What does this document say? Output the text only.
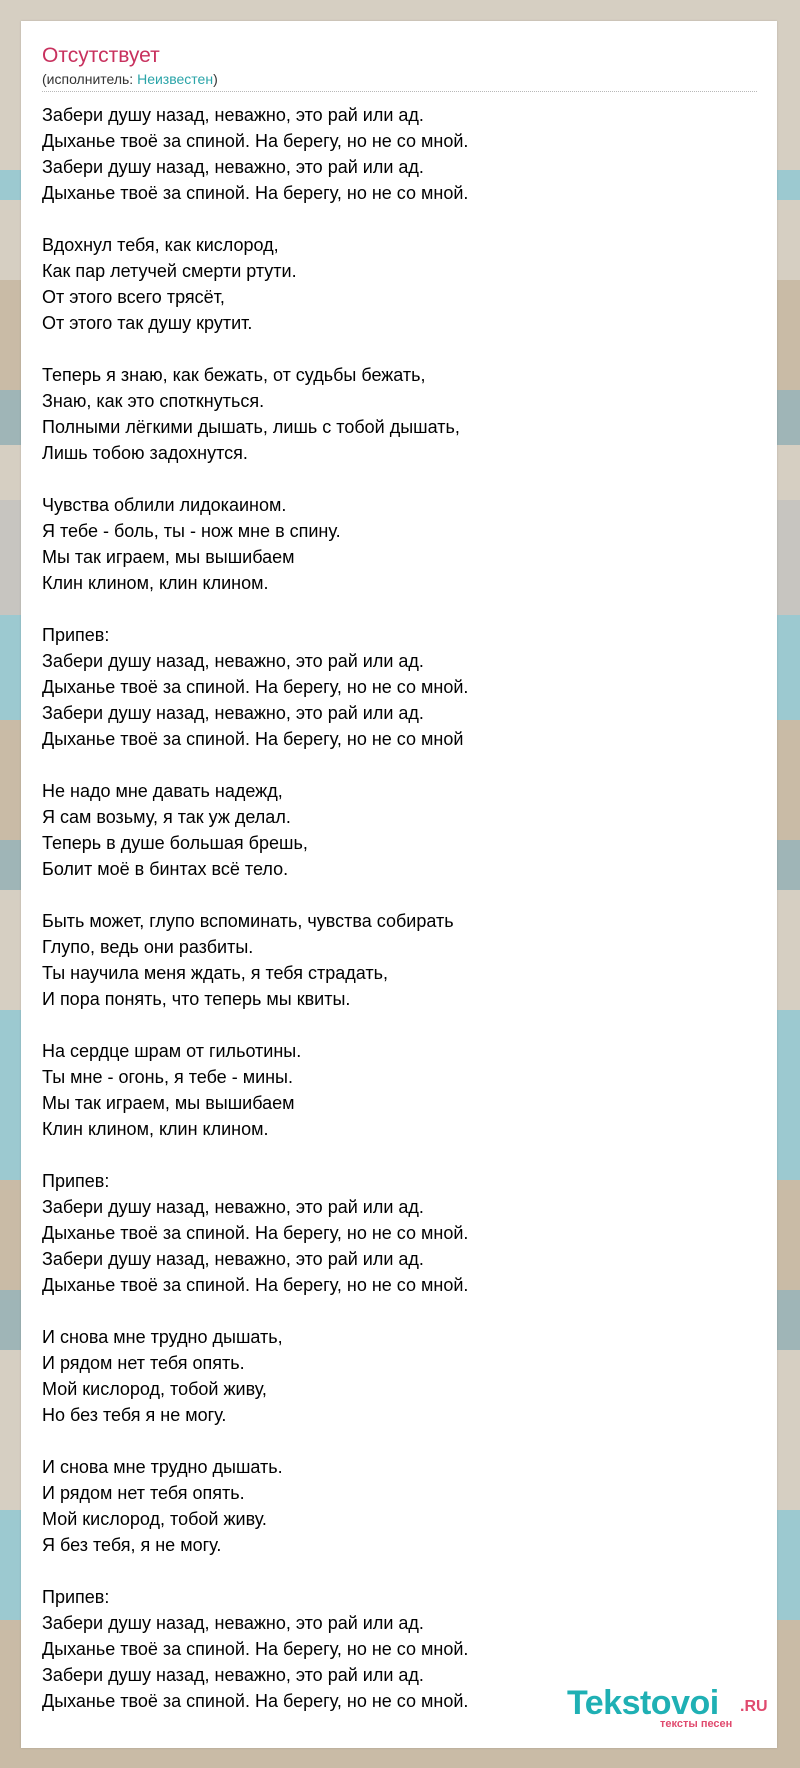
Отсутствует
(исполнитель: Неизвестен)
Забери душу назад, неважно, это рай или ад.
Дыханье твоё за спиной. На берегу, но не со мной.
Забери душу назад, неважно, это рай или ад.
Дыханье твоё за спиной. На берегу, но не со мной.
Вдохнул тебя, как кислород,
Как пар летучей смерти ртути.
От этого всего трясёт,
От этого так душу крутит.
Теперь я знаю, как бежать, от судьбы бежать,
Знаю, как это споткнуться.
Полными лёгкими дышать, лишь с тобой дышать,
Лишь тобою задохнутся.
Чувства облили лидокаином.
Я тебе - боль, ты - нож мне в спину.
Мы так играем, мы вышибаем
Клин клином, клин клином.
Припев:
Забери душу назад, неважно, это рай или ад.
Дыханье твоё за спиной. На берегу, но не со мной.
Забери душу назад, неважно, это рай или ад.
Дыханье твоё за спиной. На берегу, но не со мной
Не надо мне давать надежд,
Я сам возьму, я так уж делал.
Теперь в душе большая брешь,
Болит моё в бинтах всё тело.
Быть может, глупо вспоминать, чувства собирать
Глупо, ведь они разбиты.
Ты научила меня ждать, я тебя страдать,
И пора понять, что теперь мы квиты.
На сердце шрам от гильотины.
Ты мне - огонь, я тебе - мины.
Мы так играем, мы вышибаем
Клин клином, клин клином.
Припев:
Забери душу назад, неважно, это рай или ад.
Дыханье твоё за спиной. На берегу, но не со мной.
Забери душу назад, неважно, это рай или ад.
Дыханье твоё за спиной. На берегу, но не со мной.
И снова мне трудно дышать,
И рядом нет тебя опять.
Мой кислород, тобой живу,
Но без тебя я не могу.
И снова мне трудно дышать.
И рядом нет тебя опять.
Мой кислород, тобой живу.
Я без тебя, я не могу.
Припев:
Забери душу назад, неважно, это рай или ад.
Дыханье твоё за спиной. На берегу, но не со мной.
Забери душу назад, неважно, это рай или ад.
Дыханье твоё за спиной. На берегу, но не со мной.	Tekstovoi .RU
тексты песен
